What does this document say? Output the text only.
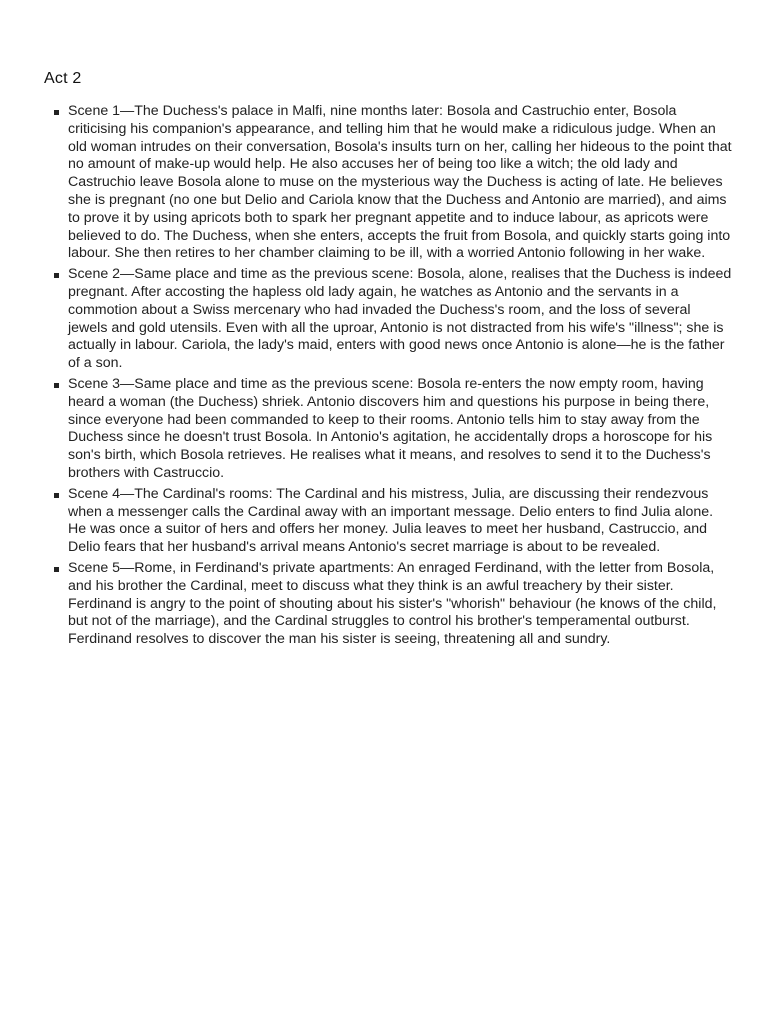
Act 2
Scene 1—The Duchess's palace in Malfi, nine months later: Bosola and Castruchio enter, Bosola criticising his companion's appearance, and telling him that he would make a ridiculous judge. When an old woman intrudes on their conversation, Bosola's insults turn on her, calling her hideous to the point that no amount of make-up would help. He also accuses her of being too like a witch; the old lady and Castruchio leave Bosola alone to muse on the mysterious way the Duchess is acting of late. He believes she is pregnant (no one but Delio and Cariola know that the Duchess and Antonio are married), and aims to prove it by using apricots both to spark her pregnant appetite and to induce labour, as apricots were believed to do. The Duchess, when she enters, accepts the fruit from Bosola, and quickly starts going into labour. She then retires to her chamber claiming to be ill, with a worried Antonio following in her wake.
Scene 2—Same place and time as the previous scene: Bosola, alone, realises that the Duchess is indeed pregnant. After accosting the hapless old lady again, he watches as Antonio and the servants in a commotion about a Swiss mercenary who had invaded the Duchess's room, and the loss of several jewels and gold utensils. Even with all the uproar, Antonio is not distracted from his wife's "illness"; she is actually in labour. Cariola, the lady's maid, enters with good news once Antonio is alone—he is the father of a son.
Scene 3—Same place and time as the previous scene: Bosola re-enters the now empty room, having heard a woman (the Duchess) shriek. Antonio discovers him and questions his purpose in being there, since everyone had been commanded to keep to their rooms. Antonio tells him to stay away from the Duchess since he doesn't trust Bosola. In Antonio's agitation, he accidentally drops a horoscope for his son's birth, which Bosola retrieves. He realises what it means, and resolves to send it to the Duchess's brothers with Castruccio.
Scene 4—The Cardinal's rooms: The Cardinal and his mistress, Julia, are discussing their rendezvous when a messenger calls the Cardinal away with an important message. Delio enters to find Julia alone. He was once a suitor of hers and offers her money. Julia leaves to meet her husband, Castruccio, and Delio fears that her husband's arrival means Antonio's secret marriage is about to be revealed.
Scene 5—Rome, in Ferdinand's private apartments: An enraged Ferdinand, with the letter from Bosola, and his brother the Cardinal, meet to discuss what they think is an awful treachery by their sister. Ferdinand is angry to the point of shouting about his sister's "whorish" behaviour (he knows of the child, but not of the marriage), and the Cardinal struggles to control his brother's temperamental outburst. Ferdinand resolves to discover the man his sister is seeing, threatening all and sundry.
